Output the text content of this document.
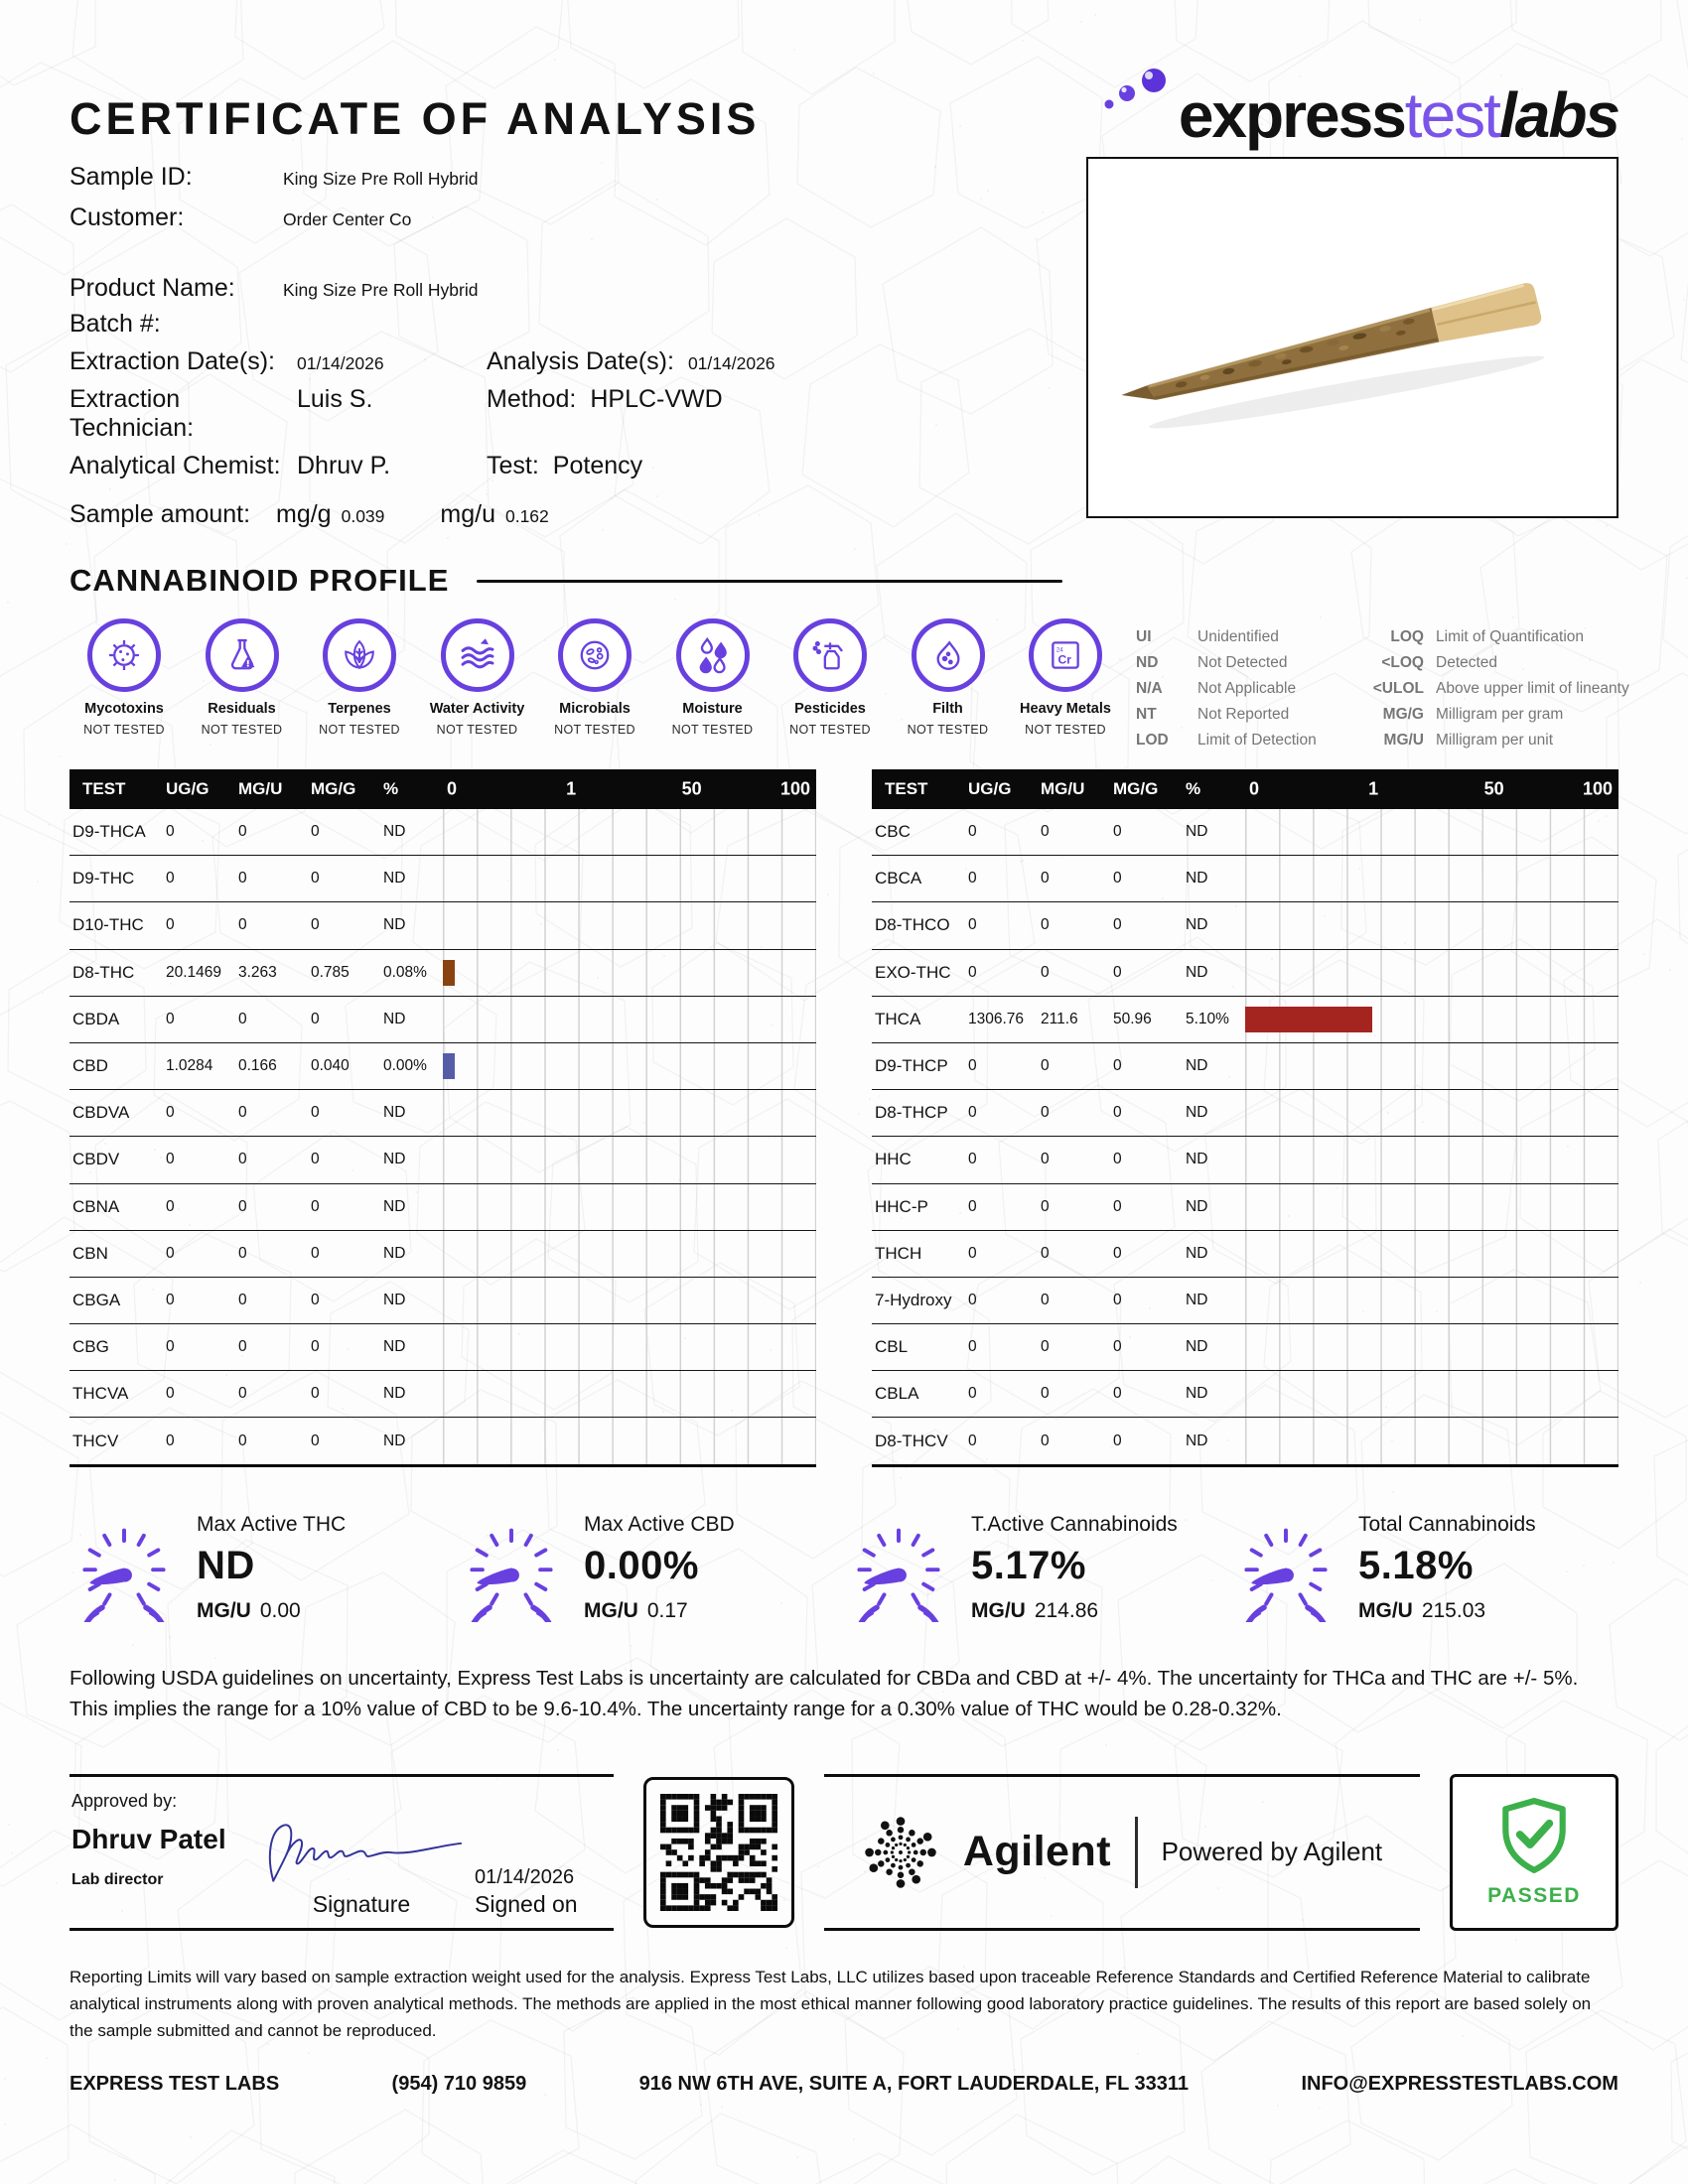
CERTIFICATE OF ANALYSIS	expresstestlabs
Sample ID:	King Size Pre Roll Hybrid
Customer:	Order Center Co
Product Name:	King Size Pre Roll Hybrid
Batch #:
Extraction Date(s):	01/14/2026	Analysis Date(s): 01/14/2026
Extraction Technician:
Luis S.	Method: HPLC-VWD
Analytical Chemist: Dhruv P.	Test: Potency
Sample amount:	mg/g 0.039 mg/u 0.162
CANNABINOID PROFILE
Mycotoxins
NOT TESTED
Residuals
NOT TESTED
Terpenes
NOT TESTED
Water Activity
NOT TESTED
Microbials
NOT TESTED
Moisture
NOT TESTED
Pesticides
NOT TESTED
Filth
NOT TESTED
24
Cr
Heavy Metals
NOT TESTED
UI	Unidentified	LOQ Limit of Quantification
ND	Not Detected	<LOQ Detected
N/A	Not Applicable	<ULOL Above upper limit of lineanty
NT	Not Reported	MG/G Milligram per gram
LOD	Limit of Detection	MG/U Milligram per unit
TEST	UG/G	MG/U	MG/G	%	0	1	50	100
D9-THCA	0	0	0	ND
D9-THC	0	0	0	ND
D10-THC	0	0	0	ND
D8-THC	20.1469	3.263	0.785	0.08%
CBDA	0	0	0	ND
CBD	1.0284	0.166	0.040	0.00%
CBDVA	0	0	0	ND
CBDV	0	0	0	ND
CBNA	0	0	0	ND
CBN	0	0	0	ND
CBGA	0	0	0	ND
CBG	0	0	0	ND
THCVA	0	0	0	ND
THCV	0	0	0	ND
TEST	UG/G	MG/U	MG/G	%	0	1	50	100
CBC	0	0	0	ND
CBCA	0	0	0	ND
D8-THCO	0	0	0	ND
EXO-THC	0	0	0	ND
THCA	1306.76	211.6	50.96	5.10%
D9-THCP	0	0	0	ND
D8-THCP	0	0	0	ND
HHC	0	0	0	ND
HHC-P	0	0	0	ND
THCH	0	0	0	ND
7-Hydroxy	0	0	0	ND
CBL	0	0	0	ND
CBLA	0	0	0	ND
D8-THCV	0	0	0	ND
Max Active THC
ND
MG/U 0.00
Max Active CBD
0.00%
MG/U 0.17
T.Active Cannabinoids
5.17%
MG/U 214.86
Total Cannabinoids
5.18%
MG/U 215.03
Following USDA guidelines on uncertainty, Express Test Labs is uncertainty are calculated for CBDa and CBD at +/- 4%. The uncertainty for THCa and THC are +/- 5%. This implies the range for a 10% value of CBD to be 9.6-10.4%. The uncertainty range for a 0.30% value of THC would be 0.28-0.32%.
Approved by:
Dhruv Patel
Lab director
Signature
01/14/2026
Signed on
Agilent Powered by Agilent
PASSED
Reporting Limits will vary based on sample extraction weight used for the analysis. Express Test Labs, LLC utilizes based upon traceable Reference Standards and Certified Reference Material to calibrate analytical instruments along with proven analytical methods. The methods are applied in the most ethical manner following good laboratory practice guidelines. The results of this report are based solely on the sample submitted and cannot be reproduced.
EXPRESS TEST LABS	(954) 710 9859	916 NW 6TH AVE, SUITE A, FORT LAUDERDALE, FL 33311	INFO@EXPRESSTESTLABS.COM
